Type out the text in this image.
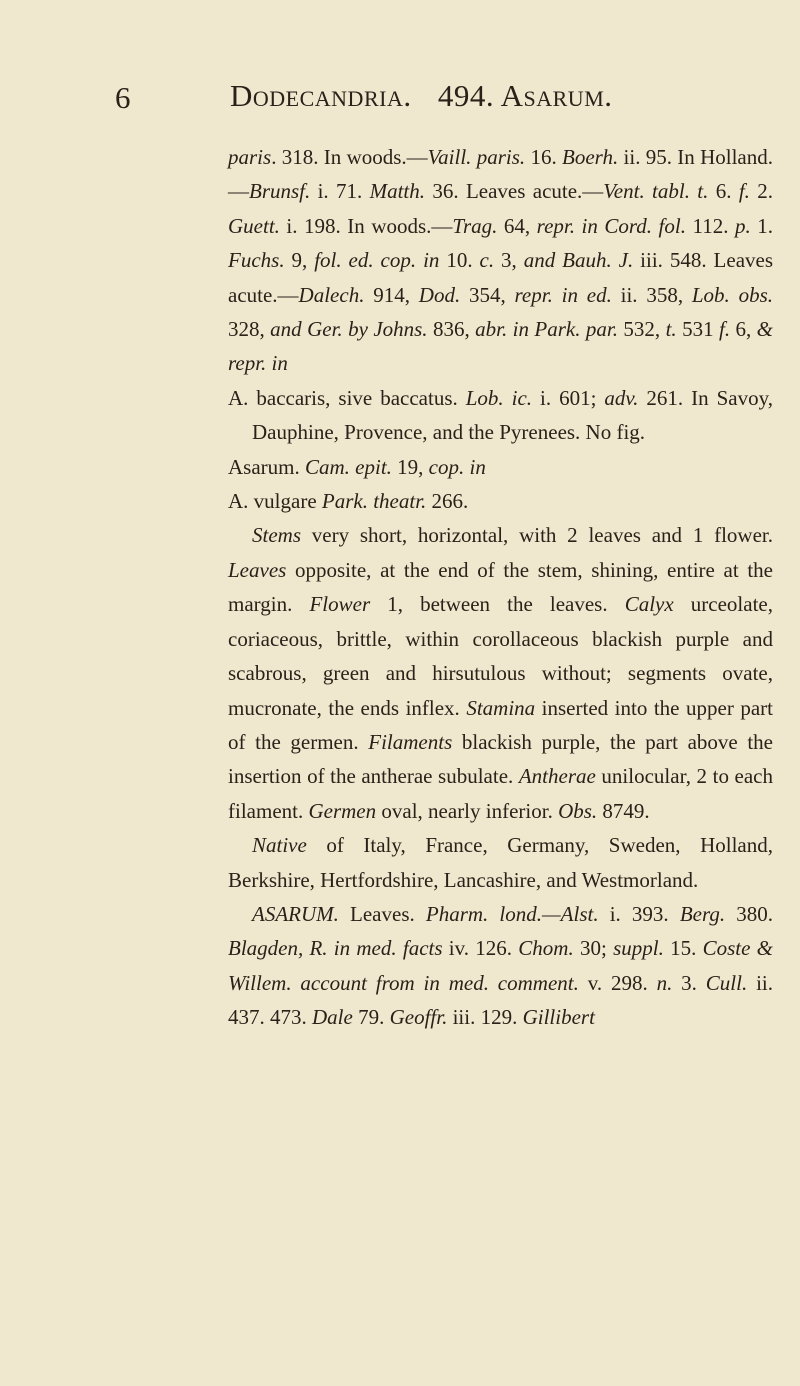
6	Dodecandria. 494. Asarum.

paris. 318. In woods.—Vaill. paris. 16. Boerh. ii. 95. In Holland.—Brunsf. i. 71. Matth. 36. Leaves acute.—Vent. tabl. t. 6. f. 2. Guett. i. 198. In woods.—Trag. 64, repr. in Cord. fol. 112. p. 1. Fuchs. 9, fol. ed. cop. in 10. c. 3, and Bauh. J. iii. 548. Leaves acute.—Dalech. 914, Dod. 354, repr. in ed. ii. 358, Lob. obs. 328, and Ger. by Johns. 836, abr. in Park. par. 532, t. 531 f. 6, & repr. in

A. baccaris, sive baccatus. Lob. ic. i. 601; adv. 261. In Savoy, Dauphine, Provence, and the Pyrenees. No fig.

Asarum. Cam. epit. 19, cop. in

A. vulgare Park. theatr. 266.

Stems very short, horizontal, with 2 leaves and 1 flower. Leaves opposite, at the end of the stem, shining, entire at the margin. Flower 1, between the leaves. Calyx urceolate, coriaceous, brittle, within corollaceous blackish purple and scabrous, green and hirsutulous without; segments ovate, mucronate, the ends inflex. Stamina inserted into the upper part of the germen. Filaments blackish purple, the part above the insertion of the antherae subulate. Antherae unilocular, 2 to each filament. Germen oval, nearly inferior. Obs. 8749.

Native of Italy, France, Germany, Sweden, Holland, Berkshire, Hertfordshire, Lancashire, and Westmorland.

ASARUM. Leaves. Pharm. lond.—Alst. i. 393. Berg. 380. Blagden, R. in med. facts iv. 126. Chom. 30; suppl. 15. Coste & Willem. account from in med. comment. v. 298. n. 3. Cull. ii. 437. 473. Dale 79. Geoffr. iii. 129. Gillibert
